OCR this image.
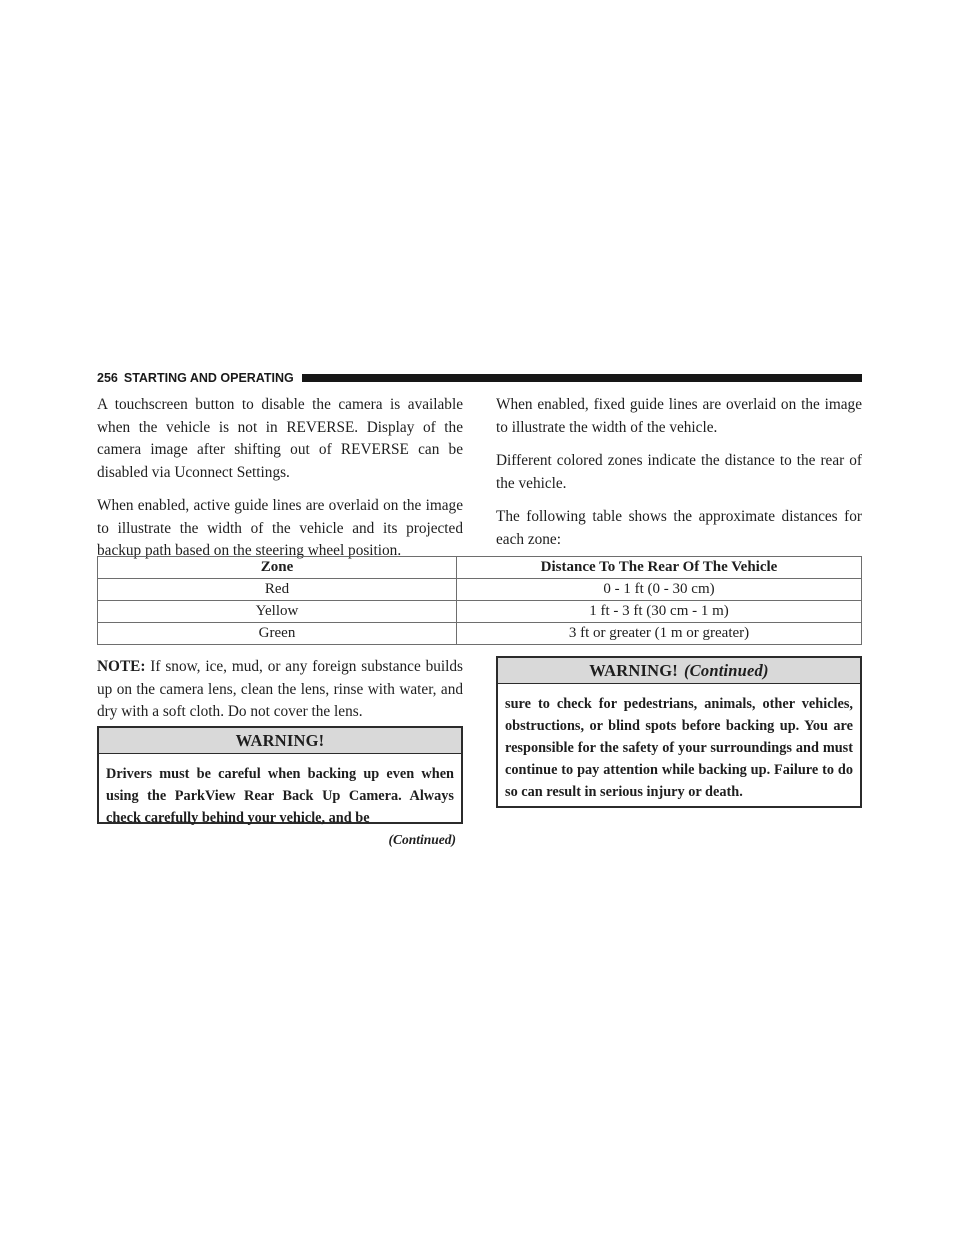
256 STARTING AND OPERATING

A touchscreen button to disable the camera is available when the vehicle is not in REVERSE. Display of the camera image after shifting out of REVERSE can be disabled via Uconnect Settings.

When enabled, active guide lines are overlaid on the image to illustrate the width of the vehicle and its projected backup path based on the steering wheel position.

When enabled, fixed guide lines are overlaid on the image to illustrate the width of the vehicle.

Different colored zones indicate the distance to the rear of the vehicle.

The following table shows the approximate distances for each zone:

Zone	Distance To The Rear Of The Vehicle
Red	0 - 1 ft (0 - 30 cm)
Yellow	1 ft - 3 ft (30 cm - 1 m)
Green	3 ft or greater (1 m or greater)

NOTE: If snow, ice, mud, or any foreign substance builds up on the camera lens, clean the lens, rinse with water, and dry with a soft cloth. Do not cover the lens.

WARNING!
Drivers must be careful when backing up even when using the ParkView Rear Back Up Camera. Always check carefully behind your vehicle, and be
(Continued)
WARNING! (Continued)
sure to check for pedestrians, animals, other vehicles, obstructions, or blind spots before backing up. You are responsible for the safety of your surroundings and must continue to pay attention while backing up. Failure to do so can result in serious injury or death.
